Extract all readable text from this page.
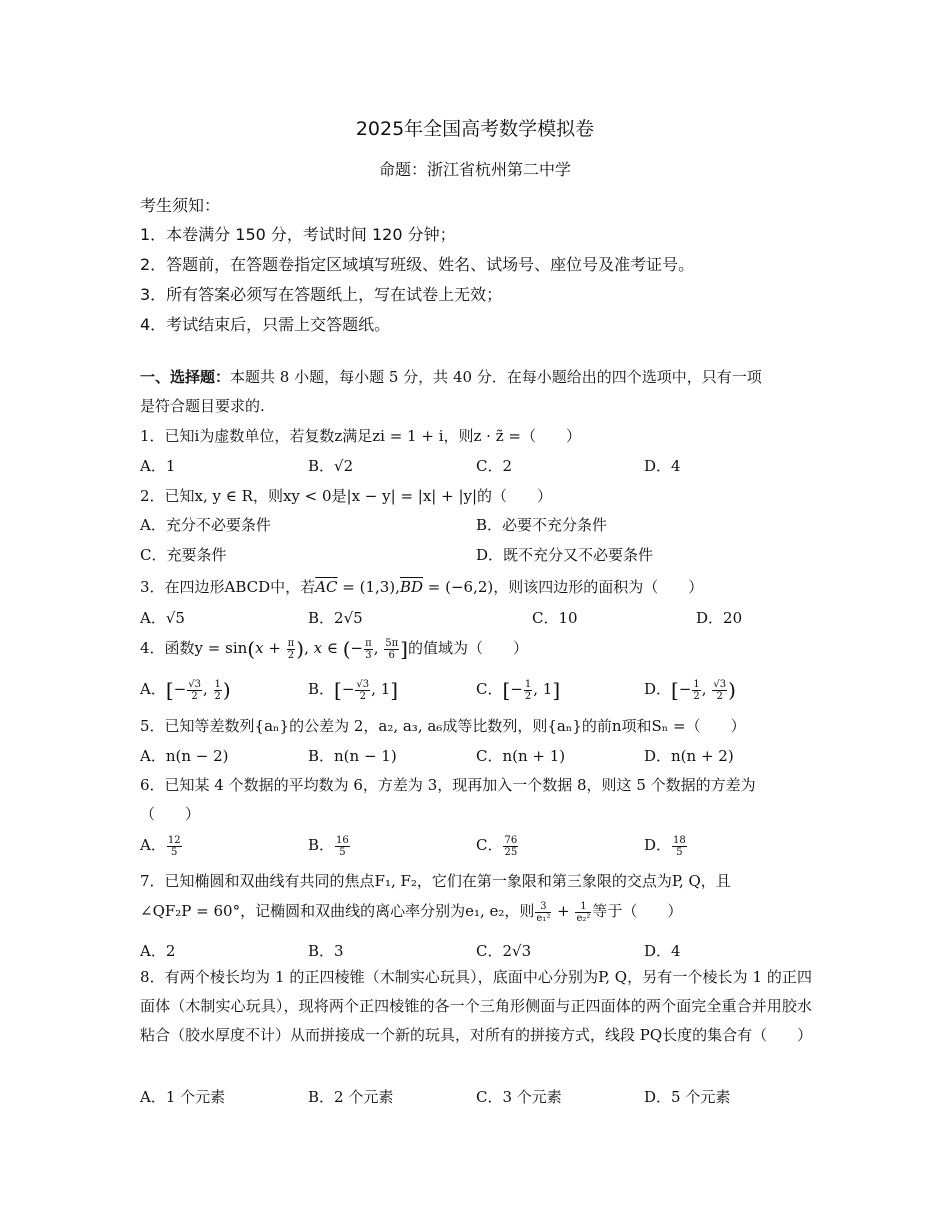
2025年全国高考数学模拟卷
命题：浙江省杭州第二中学
考生须知：
1．本卷满分 150 分，考试时间 120 分钟；
2．答题前，在答题卷指定区域填写班级、姓名、试场号、座位号及准考证号。
3．所有答案必须写在答题纸上，写在试卷上无效；
4．考试结束后，只需上交答题纸。
一、选择题：本题共 8 小题，每小题 5 分，共 40 分．在每小题给出的四个选项中，只有一项
是符合题目要求的.
1．已知i为虚数单位，若复数z满足zi = 1 + i，则z · z̃ =（　　）
A．1	B．√2	C．2	D．4
2．已知x, y ∈ R，则xy < 0是|x − y| = |x| + |y|的（　　）
A．充分不必要条件	B．必要不充分条件
C．充要条件	D．既不充分又不必要条件
3．在四边形ABCD中，若$\overline{AC} = (1,3),\overline{BD} = (-6,2)$，则该四边形的面积为（　　）
A．√5	B．2√5	C．10	D．20
4．函数$y = \sin(x + \frac{\pi}{2}$ ), x ∈ (− $\frac{\pi}{3}$ , $\frac{5\pi}{6}$ ]的值域为（　　）
A．[− $\frac{√3}{2}$ , $\frac{1}{2}$ )	B．[− $\frac{√3}{2}$ , 1]	C．[− $\frac{1}{2}$ , 1]	D．[− $\frac{1}{2}$ , $\frac{√3}{2}$ )
5．已知等差数列{aₙ}的公差为 2，a₂, a₃, a₆成等比数列，则{aₙ}的前n项和Sₙ =（　　）
A．n(n − 2)	B．n(n − 1)	C．n(n + 1)	D．n(n + 2)
6．已知某 4 个数据的平均数为 6，方差为 3，现再加入一个数据 8，则这 5 个数据的方差为
（　　）
A． $\frac{12}{5}$	B． $\frac{16}{5}$	C． $\frac{76}{25}$	D． $\frac{18}{5}$
7．已知椭圆和双曲线有共同的焦点F₁, F₂，它们在第一象限和第三象限的交点为P, Q，且
∠QF₂P = 60°，记椭圆和双曲线的离心率分别为e₁, e₂，则 $\frac{3}{\text{e₁²}} + \frac{1}{\text{e₂²}}$ 等于（　　）
A．2	B．3	C．2√3	D．4
8．有两个棱长均为 1 的正四棱锥（木制实心玩具），底面中心分别为P, Q，另有一个棱长为 1 的正四面体（木制实心玩具），现将两个正四棱锥的各一个三角形侧面与正四面体的两个面完全重合并用胶水粘合（胶水厚度不计）从而拼接成一个新的玩具，对所有的拼接方式，线段 PQ长度的集合有（　　）
A．1 个元素	B．2 个元素	C．3 个元素	D．5 个元素
